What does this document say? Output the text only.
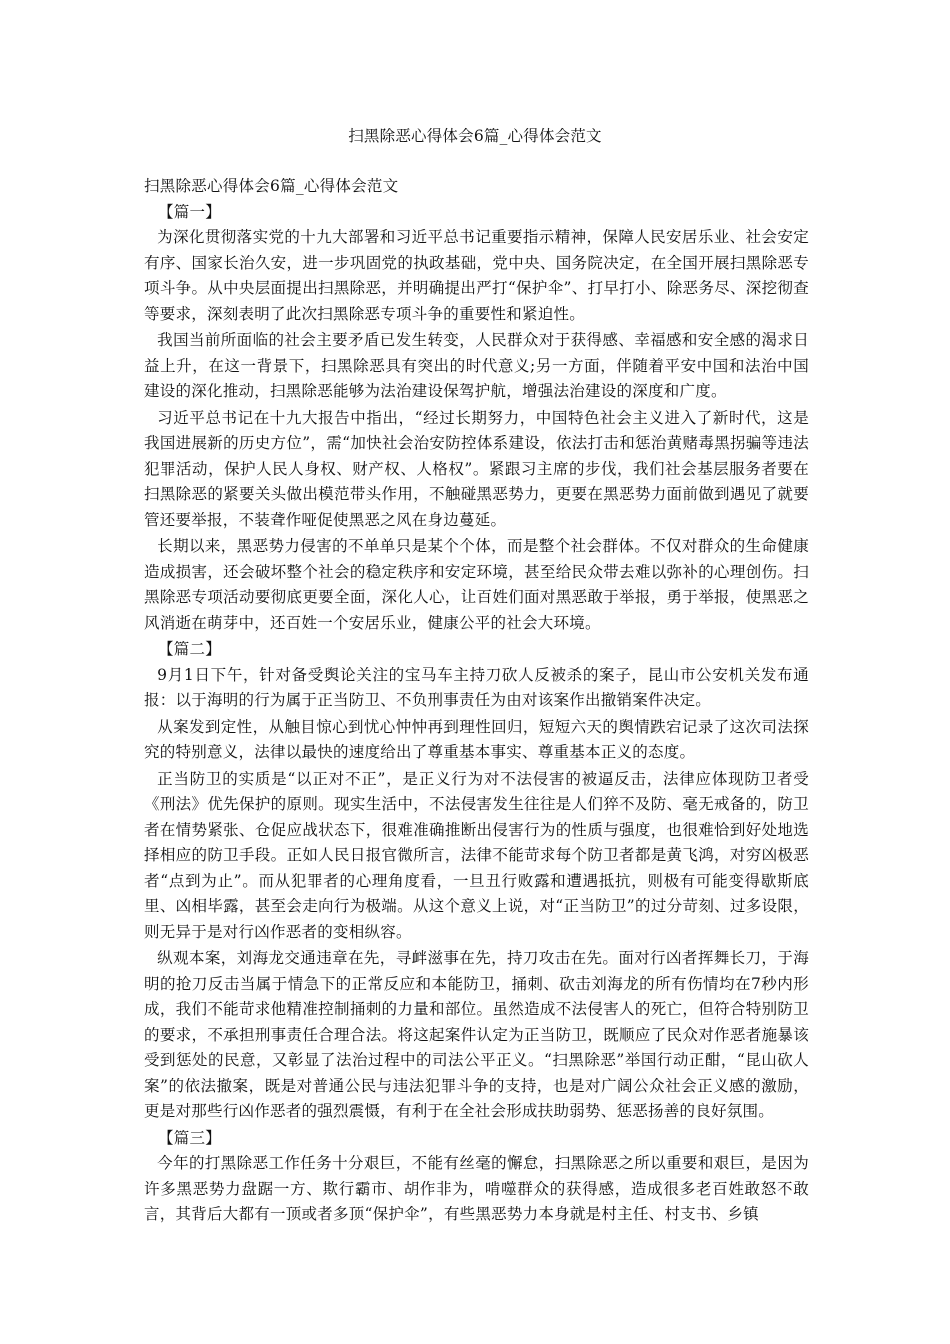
扫黑除恶心得体会6篇_心得体会范文

扫黑除恶心得体会6篇_心得体会范文

【篇一】

为深化贯彻落实党的十九大部署和习近平总书记重要指示精神，保障人民安居乐业、社会安定有序、国家长治久安，进一步巩固党的执政基础，党中央、国务院决定，在全国开展扫黑除恶专项斗争。从中央层面提出扫黑除恶，并明确提出严打“保护伞”、打早打小、除恶务尽、深挖彻查等要求，深刻表明了此次扫黑除恶专项斗争的重要性和紧迫性。

我国当前所面临的社会主要矛盾已发生转变，人民群众对于获得感、幸福感和安全感的渴求日益上升，在这一背景下，扫黑除恶具有突出的时代意义;另一方面，伴随着平安中国和法治中国建设的深化推动，扫黑除恶能够为法治建设保驾护航，增强法治建设的深度和广度。

习近平总书记在十九大报告中指出，“经过长期努力，中国特色社会主义进入了新时代，这是我国进展新的历史方位”，需“加快社会治安防控体系建设，依法打击和惩治黄赌毒黑拐骗等违法犯罪活动，保护人民人身权、财产权、人格权”。紧跟习主席的步伐，我们社会基层服务者要在扫黑除恶的紧要关头做出模范带头作用，不触碰黑恶势力，更要在黑恶势力面前做到遇见了就要管还要举报，不装聋作哑促使黑恶之风在身边蔓延。

长期以来，黑恶势力侵害的不单单只是某个个体，而是整个社会群体。不仅对群众的生命健康造成损害，还会破坏整个社会的稳定秩序和安定环境，甚至给民众带去难以弥补的心理创伤。扫黑除恶专项活动要彻底更要全面，深化人心，让百姓们面对黑恶敢于举报，勇于举报，使黑恶之风消逝在萌芽中，还百姓一个安居乐业，健康公平的社会大环境。

【篇二】

9月1日下午，针对备受舆论关注的宝马车主持刀砍人反被杀的案子，昆山市公安机关发布通报：以于海明的行为属于正当防卫、不负刑事责任为由对该案作出撤销案件决定。

从案发到定性，从触目惊心到忧心忡忡再到理性回归，短短六天的舆情跌宕记录了这次司法探究的特别意义，法律以最快的速度给出了尊重基本事实、尊重基本正义的态度。

正当防卫的实质是“以正对不正”，是正义行为对不法侵害的被逼反击，法律应体现防卫者受《刑法》优先保护的原则。现实生活中，不法侵害发生往往是人们猝不及防、毫无戒备的，防卫者在情势紧张、仓促应战状态下，很难准确推断出侵害行为的性质与强度，也很难恰到好处地选择相应的防卫手段。正如人民日报官微所言，法律不能苛求每个防卫者都是黄飞鸿，对穷凶极恶者“点到为止”。而从犯罪者的心理角度看，一旦丑行败露和遭遇抵抗，则极有可能变得歇斯底里、凶相毕露，甚至会走向行为极端。从这个意义上说，对“正当防卫”的过分苛刻、过多设限，则无异于是对行凶作恶者的变相纵容。

纵观本案，刘海龙交通违章在先，寻衅滋事在先，持刀攻击在先。面对行凶者挥舞长刀，于海明的抢刀反击当属于情急下的正常反应和本能防卫，捅刺、砍击刘海龙的所有伤情均在7秒内形成，我们不能苛求他精准控制捅刺的力量和部位。虽然造成不法侵害人的死亡，但符合特别防卫的要求，不承担刑事责任合理合法。将这起案件认定为正当防卫，既顺应了民众对作恶者施暴该受到惩处的民意，又彰显了法治过程中的司法公平正义。“扫黑除恶”举国行动正酣，“昆山砍人案”的依法撤案，既是对普通公民与违法犯罪斗争的支持，也是对广阔公众社会正义感的激励，更是对那些行凶作恶者的强烈震慑，有利于在全社会形成扶助弱势、惩恶扬善的良好氛围。

【篇三】

今年的打黑除恶工作任务十分艰巨，不能有丝毫的懈怠，扫黑除恶之所以重要和艰巨，是因为许多黑恶势力盘踞一方、欺行霸市、胡作非为，啃噬群众的获得感，造成很多老百姓敢怒不敢言，其背后大都有一顶或者多顶“保护伞”，有些黑恶势力本身就是村主任、村支书、乡镇
